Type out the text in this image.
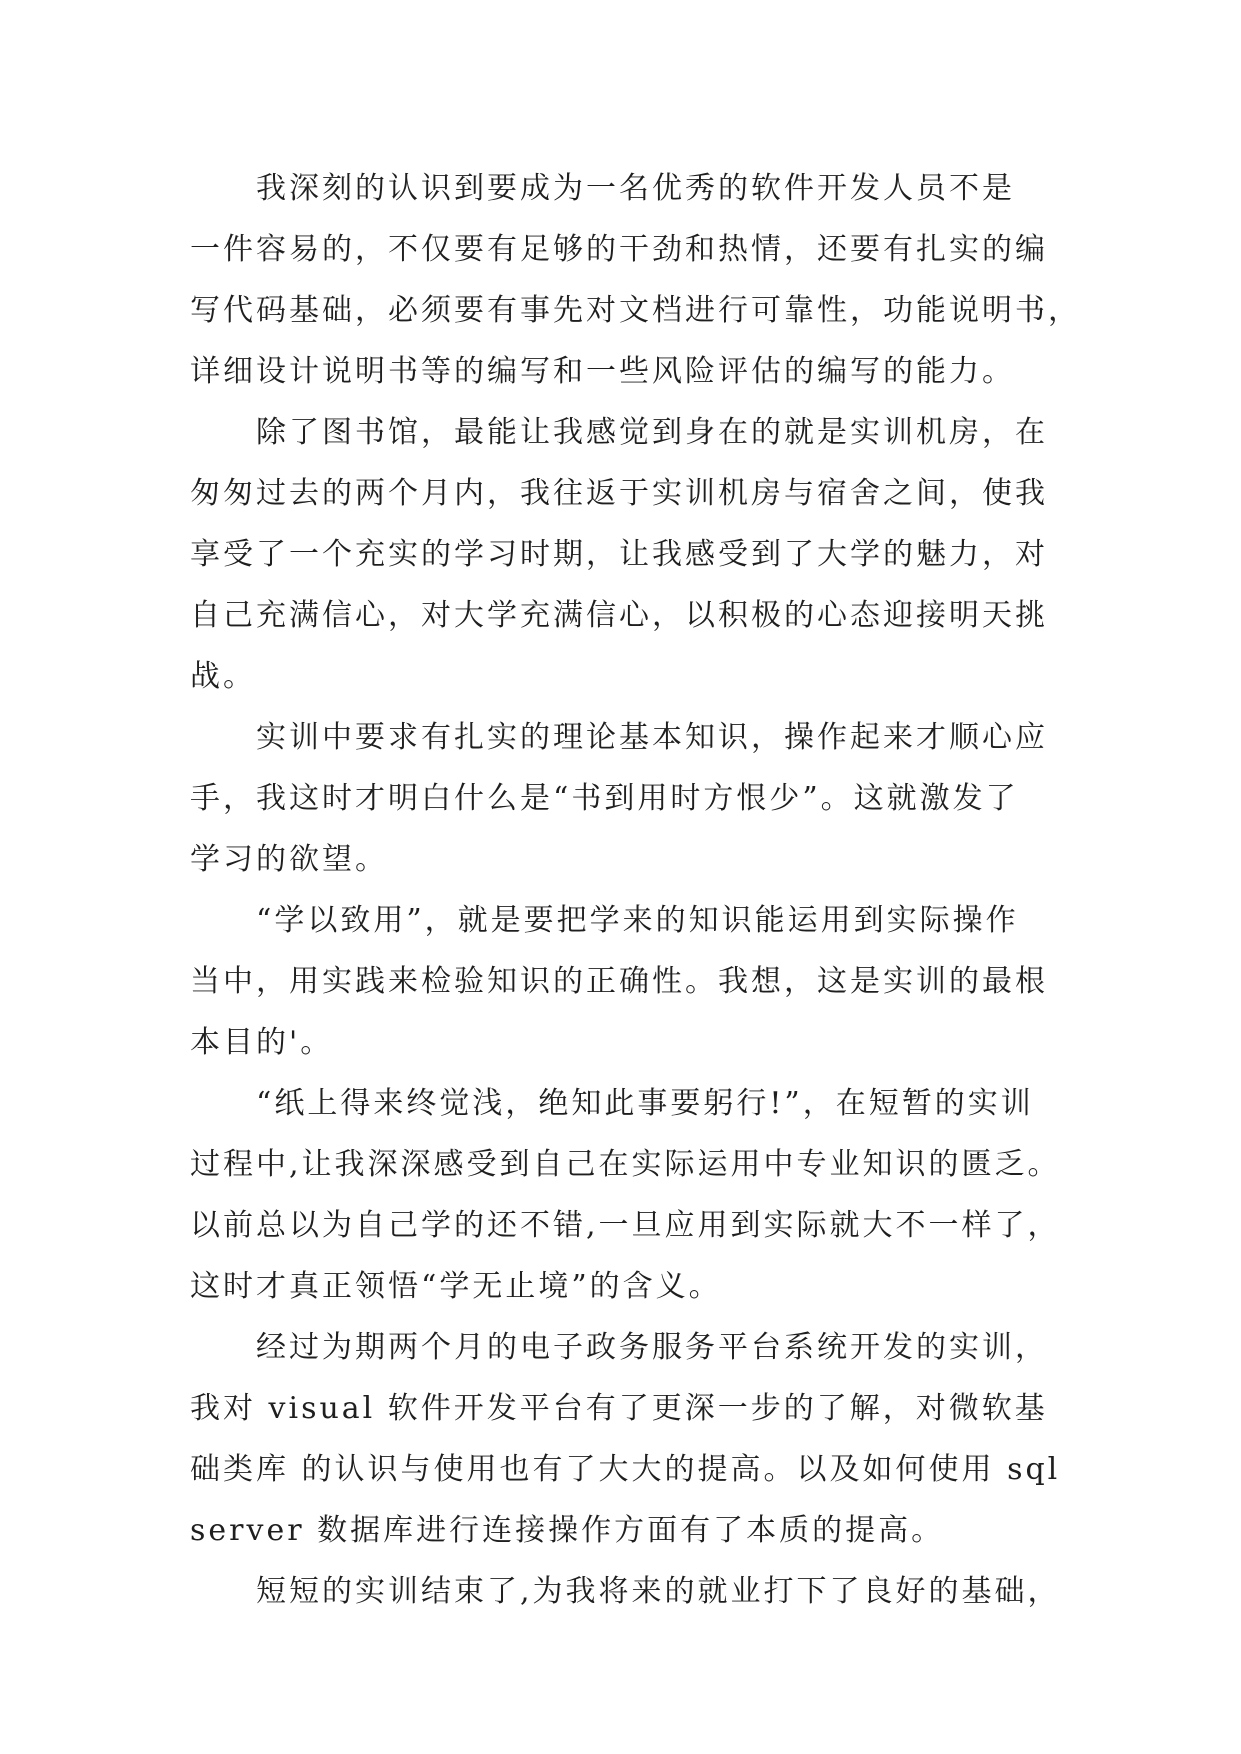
　　我深刻的认识到要成为一名优秀的软件开发人员不是
一件容易的，不仅要有足够的干劲和热情，还要有扎实的编
写代码基础，必须要有事先对文档进行可靠性，功能说明书，
详细设计说明书等的编写和一些风险评估的编写的能力。
　　除了图书馆，最能让我感觉到身在的就是实训机房，在
匆匆过去的两个月内，我往返于实训机房与宿舍之间，使我
享受了一个充实的学习时期，让我感受到了大学的魅力，对
自己充满信心，对大学充满信心，以积极的心态迎接明天挑
战。
　　实训中要求有扎实的理论基本知识，操作起来才顺心应
手，我这时才明白什么是“书到用时方恨少”。这就激发了
学习的欲望。
　　“学以致用”，就是要把学来的知识能运用到实际操作
当中，用实践来检验知识的正确性。我想，这是实训的最根
本目的'。
　　“纸上得来终觉浅，绝知此事要躬行!”，在短暂的实训
过程中,让我深深感受到自己在实际运用中专业知识的匮乏。
以前总以为自己学的还不错,一旦应用到实际就大不一样了，
这时才真正领悟“学无止境”的含义。
　　经过为期两个月的电子政务服务平台系统开发的实训，
我对 visual 软件开发平台有了更深一步的了解，对微软基
础类库 的认识与使用也有了大大的提高。以及如何使用 sql
server 数据库进行连接操作方面有了本质的提高。
　　短短的实训结束了,为我将来的就业打下了良好的基础，
